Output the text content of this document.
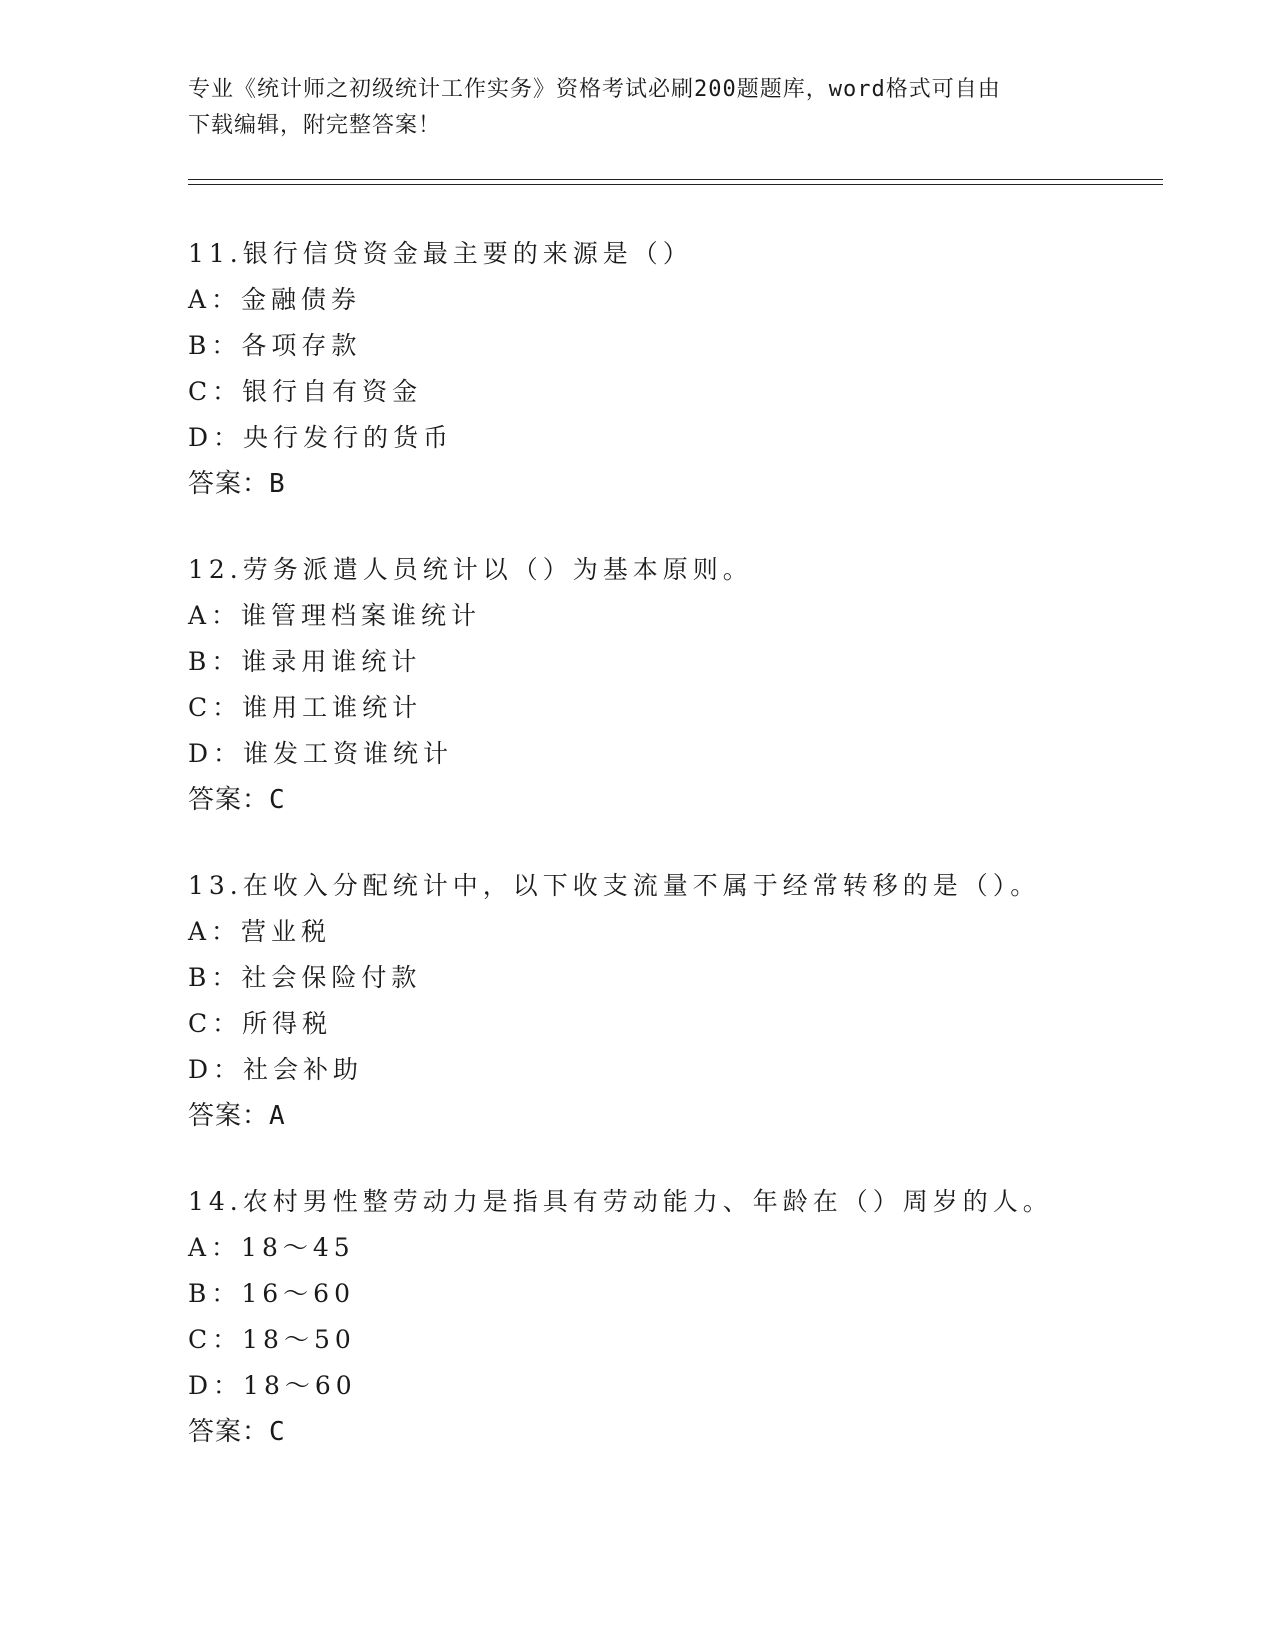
专业《统计师之初级统计工作实务》资格考试必刷200题题库，word格式可自由
下载编辑，附完整答案！
11.银行信贷资金最主要的来源是（）
A：金融债券
B：各项存款
C：银行自有资金
D：央行发行的货币
答案：B
12.劳务派遣人员统计以（）为基本原则。
A：谁管理档案谁统计
B：谁录用谁统计
C：谁用工谁统计
D：谁发工资谁统计
答案：C
13.在收入分配统计中，以下收支流量不属于经常转移的是（）。
A：营业税
B：社会保险付款
C：所得税
D：社会补助
答案：A
14.农村男性整劳动力是指具有劳动能力、年龄在（）周岁的人。
A：18～45
B：16～60
C：18～50
D：18～60
答案：C
